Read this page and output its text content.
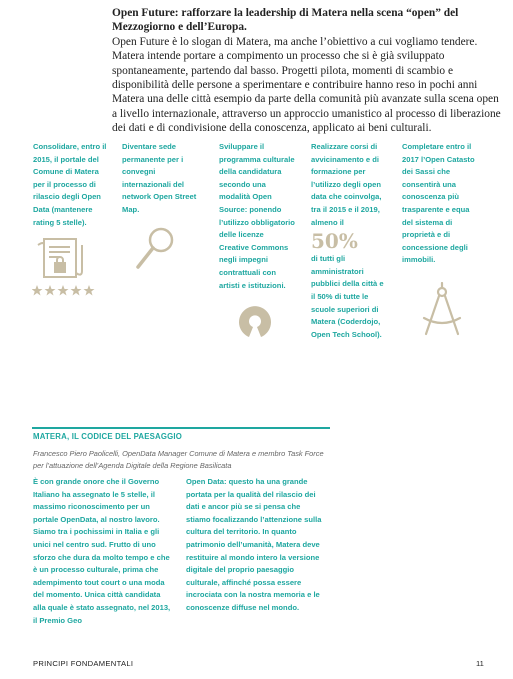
Open Future: rafforzare la leadership di Matera nella scena “open” del Mezzogiorno e dell’Europa.

Open Future è lo slogan di Matera, ma anche l’obiettivo a cui vogliamo tendere. Matera intende portare a compimento un processo che si è già sviluppato spontaneamente, partendo dal basso. Progetti pilota, momenti di scambio e disponibilità delle persone a sperimentare e contribuire hanno reso in pochi anni Matera una delle città esempio da parte della comunità più avanzate sulla scena open a livello internazionale, attraverso un approccio umanistico al processo di liberazione dei dati e di condivisione della conoscenza, applicato ai beni culturali.

Consolidare, entro il 2015, il portale del Comune di Matera per il processo di rilascio degli Open Data (mantenere rating 5 stelle).

Diventare sede permanente per i convegni internazionali del network Open Street Map.

Sviluppare il programma culturale della candidatura secondo una modalità Open Source: ponendo l’utilizzo obbligatorio delle licenze Creative Commons negli impegni contrattuali con artisti e istituzioni.

Realizzare corsi di avvicinamento e di formazione per l’utilizzo degli open data che coinvolga, tra il 2015 e il 2019, almeno il
50%
di tutti gli amministratori pubblici della città e il 50% di tutte le scuole superiori di Matera (Coderdojo, Open Tech School).

Completare entro il 2017 l’Open Catasto dei Sassi che consentirà una conoscenza più trasparente e equa del sistema di proprietà e di concessione degli immobili.

MATERA, IL CODICE DEL PAESAGGIO
Francesco Piero Paolicelli, OpenData Manager Comune di Matera e membro Task Force per l’attuazione dell’Agenda Digitale della Regione Basilicata
È con grande onore che il Governo Italiano ha assegnato le 5 stelle, il massimo riconoscimento per un portale OpenData, al nostro lavoro. Siamo tra i pochissimi in Italia e gli unici nel centro sud. Frutto di uno sforzo che dura da molto tempo e che è un processo culturale, prima che adempimento tout court o una moda del momento. Unica città candidata alla quale è stato assegnato, nel 2013, il Premio Geo
Open Data: questo ha una grande portata per la qualità del rilascio dei dati e ancor più se si pensa che stiamo focalizzando l’attenzione sulla cultura del territorio. In quanto patrimonio dell’umanità, Matera deve restituire al mondo intero la versione digitale del proprio paesaggio culturale, affinché possa essere incrociata con la nostra memoria e le conoscenze diffuse nel mondo.
PRINCIPI FONDAMENTALI	11
